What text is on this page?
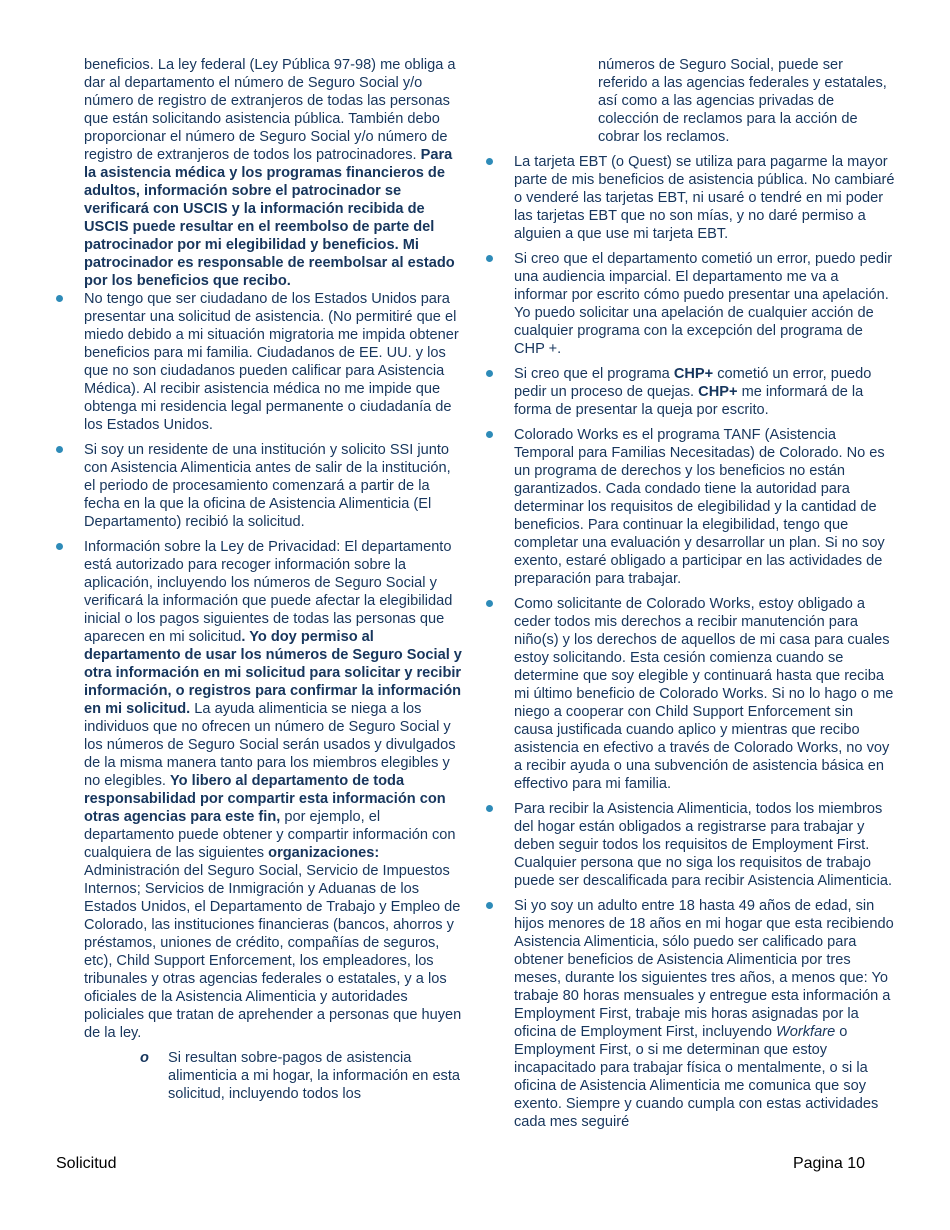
beneficios. La ley federal (Ley Pública 97-98) me obliga a dar al departamento el número de Seguro Social y/o número de registro de extranjeros de todas las personas que están solicitando asistencia pública. También debo proporcionar el número de Seguro Social y/o número de registro de extranjeros de todos los patrocinadores. Para la asistencia médica y los programas financieros de adultos, información sobre el patrocinador se verificará con USCIS y la información recibida de USCIS puede resultar en el reembolso de parte del patrocinador por mi elegibilidad y beneficios. Mi patrocinador es responsable de reembolsar al estado por los beneficios que recibo.

No tengo que ser ciudadano de los Estados Unidos para presentar una solicitud de asistencia. (No permitiré que el miedo debido a mi situación migratoria me impida obtener beneficios para mi familia. Ciudadanos de EE. UU. y los que no son ciudadanos pueden calificar para Asistencia Médica). Al recibir asistencia médica no me impide que obtenga mi residencia legal permanente o ciudadanía de los Estados Unidos.
Si soy un residente de una institución y solicito SSI junto con Asistencia Alimenticia antes de salir de la institución, el periodo de procesamiento comenzará a partir de la fecha en la que la oficina de Asistencia Alimenticia (El Departamento) recibió la solicitud.
Información sobre la Ley de Privacidad: El departamento está autorizado para recoger información sobre la aplicación, incluyendo los números de Seguro Social y verificará la información que puede afectar la elegibilidad inicial o los pagos siguientes de todas las personas que aparecen en mi solicitud. Yo doy permiso al departamento de usar los números de Seguro Social y otra información en mi solicitud para solicitar y recibir información, o registros para confirmar la información en mi solicitud. La ayuda alimenticia se niega a los individuos que no ofrecen un número de Seguro Social y los números de Seguro Social serán usados y divulgados de la misma manera tanto para los miembros elegibles y no elegibles. Yo libero al departamento de toda responsabilidad por compartir esta información con otras agencias para este fin, por ejemplo, el departamento puede obtener y compartir información con cualquiera de las siguientes organizaciones: Administración del Seguro Social, Servicio de Impuestos Internos; Servicios de Inmigración y Aduanas de los Estados Unidos, el Departamento de Trabajo y Empleo de Colorado, las instituciones financieras (bancos, ahorros y préstamos, uniones de crédito, compañías de seguros, etc), Child Support Enforcement, los empleadores, los tribunales y otras agencias federales o estatales, y a los oficiales de la Asistencia Alimenticia y autoridades policiales que tratan de aprehender a personas que huyen de la ley.
o Si resultan sobre-pagos de asistencia alimenticia a mi hogar, la información en esta solicitud, incluyendo todos los

números de Seguro Social, puede ser referido a las agencias federales y estatales, así como a las agencias privadas de colección de reclamos para la acción de cobrar los reclamos.

La tarjeta EBT (o Quest) se utiliza para pagarme la mayor parte de mis beneficios de asistencia pública. No cambiaré o venderé las tarjetas EBT, ni usaré o tendré en mi poder las tarjetas EBT que no son mías, y no daré permiso a alguien a que use mi tarjeta EBT.
Si creo que el departamento cometió un error, puedo pedir una audiencia imparcial. El departamento me va a informar por escrito cómo puedo presentar una apelación. Yo puedo solicitar una apelación de cualquier acción de cualquier programa con la excepción del programa de CHP +.
Si creo que el programa CHP+ cometió un error, puedo pedir un proceso de quejas. CHP+ me informará de la forma de presentar la queja por escrito.
Colorado Works es el programa TANF (Asistencia Temporal para Familias Necesitadas) de Colorado. No es un programa de derechos y los beneficios no están garantizados. Cada condado tiene la autoridad para determinar los requisitos de elegibilidad y la cantidad de beneficios. Para continuar la elegibilidad, tengo que completar una evaluación y desarrollar un plan. Si no soy exento, estaré obligado a participar en las actividades de preparación para trabajar.
Como solicitante de Colorado Works, estoy obligado a ceder todos mis derechos a recibir manutención para niño(s) y los derechos de aquellos de mi casa para cuales estoy solicitando. Esta cesión comienza cuando se determine que soy elegible y continuará hasta que reciba mi último beneficio de Colorado Works. Si no lo hago o me niego a cooperar con Child Support Enforcement sin causa justificada cuando aplico y mientras que recibo asistencia en efectivo a través de Colorado Works, no voy a recibir ayuda o una subvención de asistencia básica en effectivo para mi familia.
Para recibir la Asistencia Alimenticia, todos los miembros del hogar están obligados a registrarse para trabajar y deben seguir todos los requisitos de Employment First. Cualquier persona que no siga los requisitos de trabajo puede ser descalificada para recibir Asistencia Alimenticia.
Si yo soy un adulto entre 18 hasta 49 años de edad, sin hijos menores de 18 años en mi hogar que esta recibiendo Asistencia Alimenticia, sólo puedo ser calificado para obtener beneficios de Asistencia Alimenticia por tres meses, durante los siguientes tres años, a menos que: Yo trabaje 80 horas mensuales y entregue esta información a Employment First, trabaje mis horas asignadas por la oficina de Employment First, incluyendo Workfare o Employment First, o si me determinan que estoy incapacitado para trabajar física o mentalmente, o si la oficina de Asistencia Alimenticia me comunica que soy exento. Siempre y cuando cumpla con estas actividades cada mes seguiré
Solicitud	Pagina 10
